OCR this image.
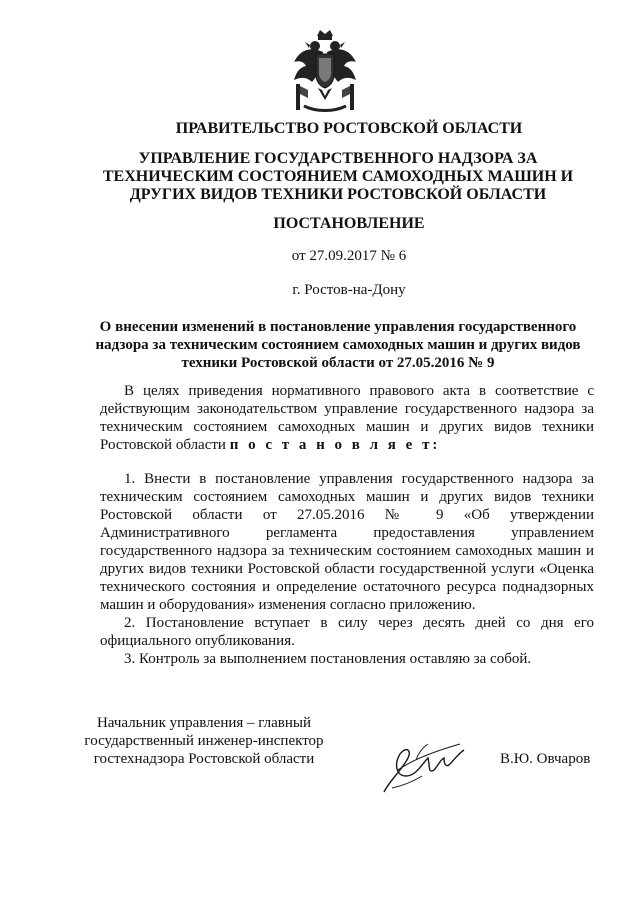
ПРАВИТЕЛЬСТВО РОСТОВСКОЙ ОБЛАСТИ
УПРАВЛЕНИЕ ГОСУДАРСТВЕННОГО НАДЗОРА ЗА ТЕХНИЧЕСКИМ СОСТОЯНИЕМ САМОХОДНЫХ МАШИН И ДРУГИХ ВИДОВ ТЕХНИКИ РОСТОВСКОЙ ОБЛАСТИ
ПОСТАНОВЛЕНИЕ
от 27.09.2017 № 6
г. Ростов-на-Дону
О внесении изменений в постановление управления государственного надзора за техническим состоянием самоходных машин и других видов техники Ростовской области от 27.05.2016 № 9

В целях приведения нормативного правового акта в соответствие с действующим законодательством управление государственного надзора за техническим состоянием самоходных машин и других видов техники Ростовской области п о с т а н о в л я е т:

1. Внести в постановление управления государственного надзора за техническим состоянием самоходных машин и других видов техники Ростовской области от 27.05.2016 № 9 «Об утверждении Административного регламента предоставления управлением государственного надзора за техническим состоянием самоходных машин и других видов техники Ростовской области государственной услуги «Оценка технического состояния и определение остаточного ресурса поднадзорных машин и оборудования» изменения согласно приложению.

2. Постановление вступает в силу через десять дней со дня его официального опубликования.

3. Контроль за выполнением постановления оставляю за собой.

Начальник управления – главный
государственный инженер-инспектор
гостехнадзора Ростовской области	В.Ю. Овчаров
